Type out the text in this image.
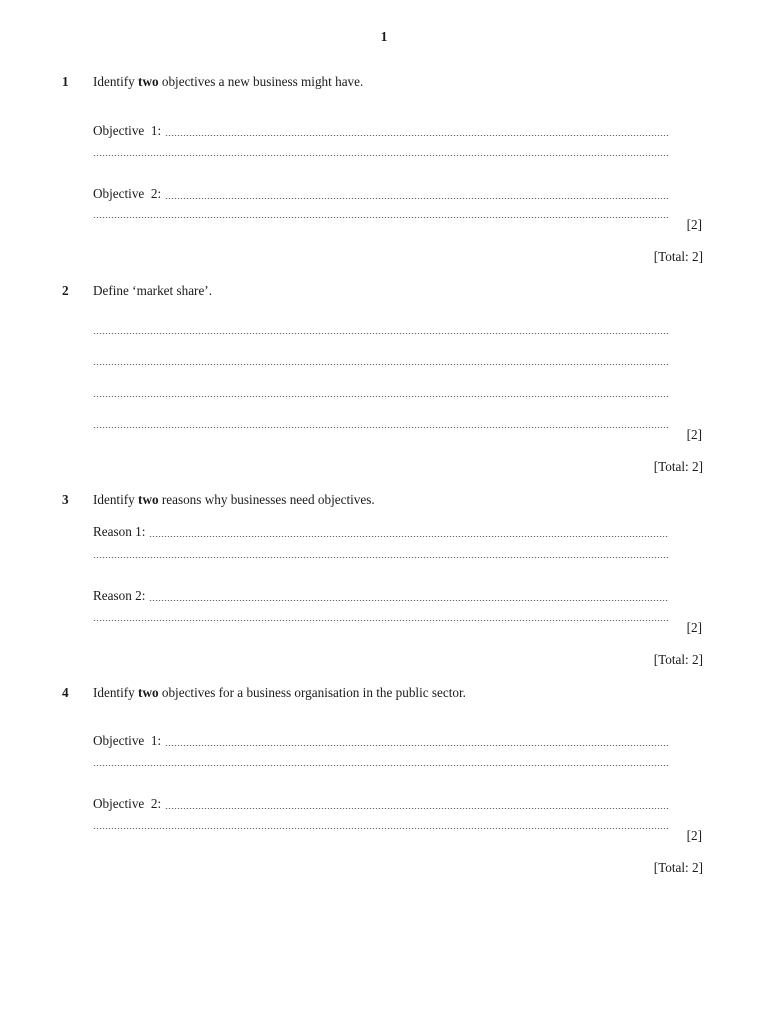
1
1 Identify two objectives a new business might have.
Objective  1:
Objective  2:
[2]
[Total: 2]
2 Define ‘market share’.
[2]
[Total: 2]
3 Identify two reasons why businesses need objectives.
Reason 1:
Reason 2:
[2]
[Total: 2]
4 Identify two objectives for a business organisation in the public sector.
Objective  1:
Objective  2:
[2]
[Total: 2]
